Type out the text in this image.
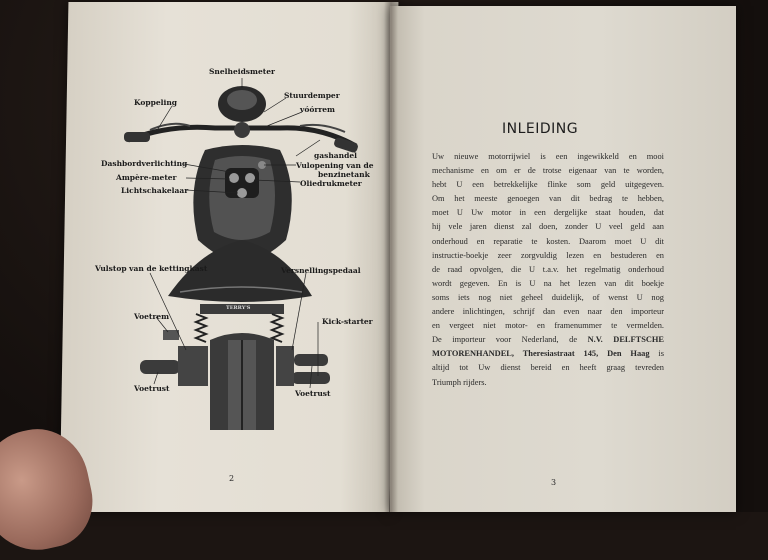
Snelheidsmeter
Stuurdemper
vóórrem
Koppeling
gashandel
Vulopening van de
benzinetank
Oliedrukmeter
Dashbordverlichting
Ampère-meter
Lichtschakelaar
Vulstop van de kettingkast	Versnellingspedaal
Voetrem
Kick-starter
Voetrust
Voetrust
TERRY'S
2
INLEIDING
Uw nieuwe motorrijwiel is een ingewikkeld en mooi
mechanisme en om er de trotse eigenaar van te worden,
hebt U een betrekkelijke flinke som geld uitgegeven.
Om het meeste genoegen van dit bedrag te hebben,
moet U Uw motor in een dergelijke staat houden, dat
hij vele jaren dienst zal doen, zonder U veel geld aan
onderhoud en reparatie te kosten. Daarom moet U dit
instructie-boekje zeer zorgvuldig lezen en bestuderen en
de raad opvolgen, die U t.a.v. het regelmatig onderhoud
wordt gegeven. En is U na het lezen van dit boekje
soms iets nog niet geheel duidelijk, of wenst U nog
andere inlichtingen, schrijf dan even naar den importeur
en vergeet niet motor- en framenummer te vermelden.
De importeur voor Nederland, de N.V. DELFTSCHE
MOTORENHANDEL, Theresiastraat 145, Den Haag is
altijd tot Uw dienst bereid en heeft graag tevreden
Triumph rijders.
3
